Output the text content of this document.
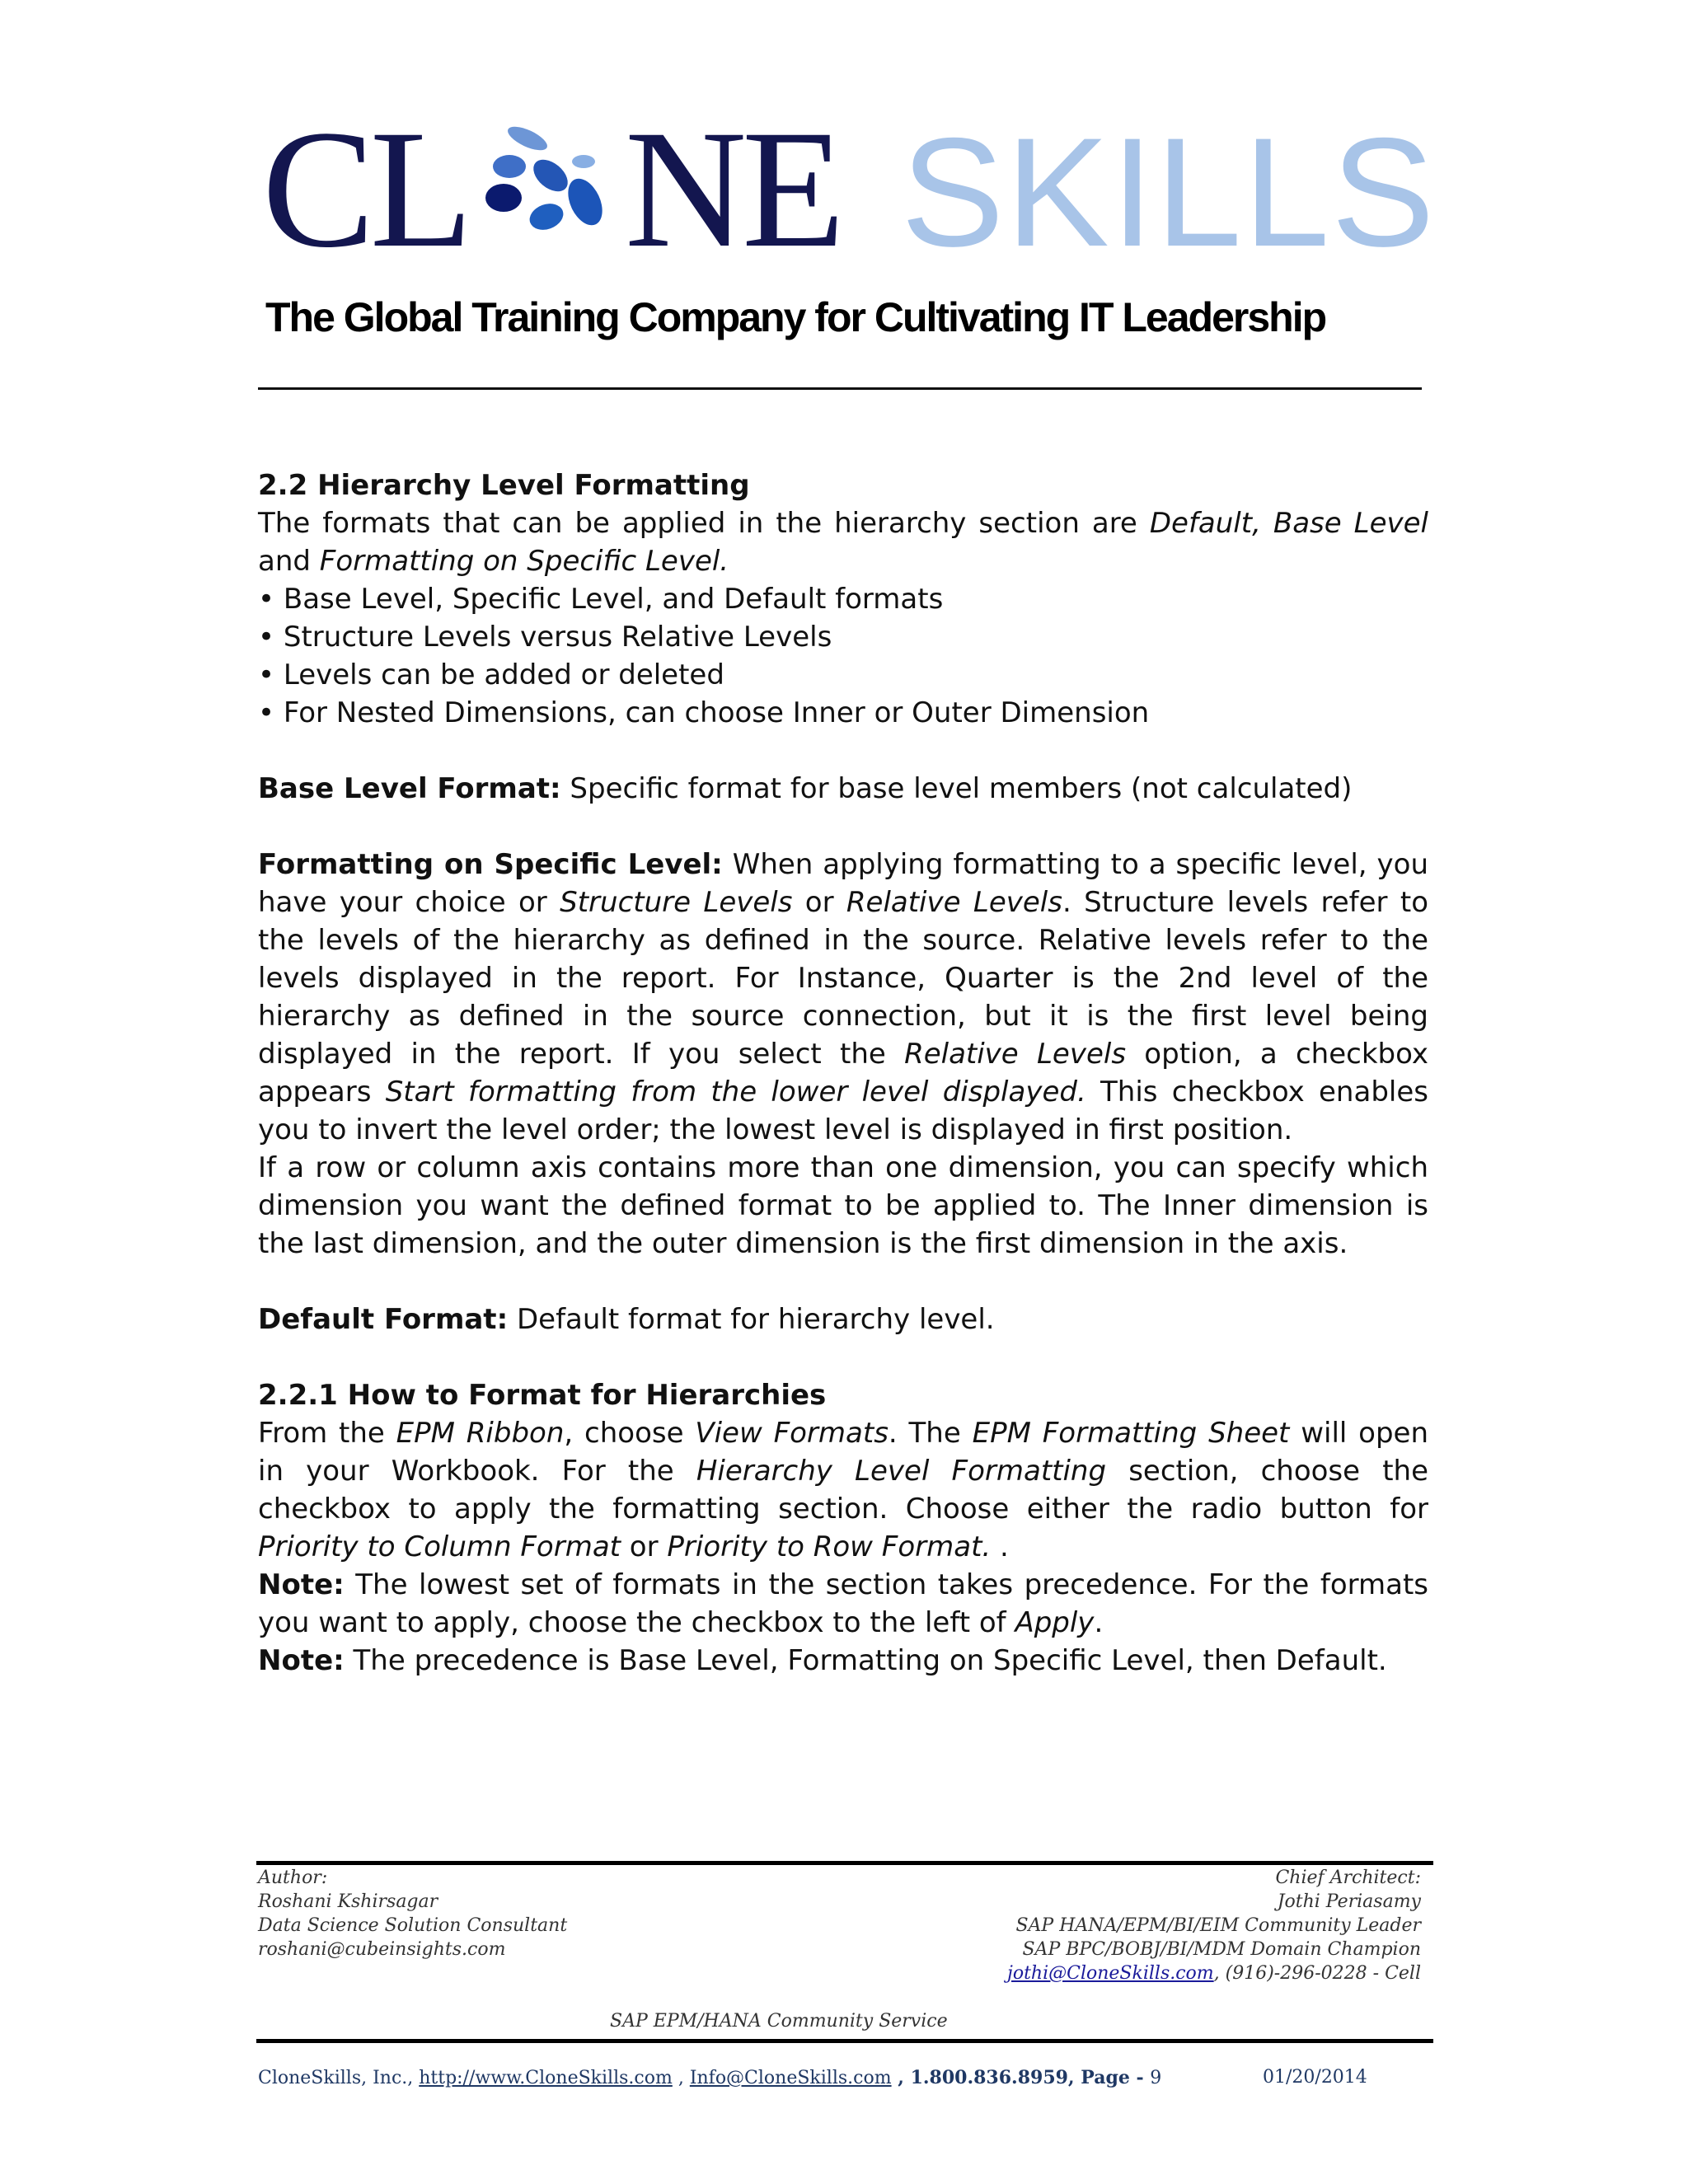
CL NE SKILLS
The Global Training Company for Cultivating IT Leadership
2.2 Hierarchy Level Formatting

The formats that can be applied in the hierarchy section are Default, Base Level and Formatting on Specific Level.

• Base Level, Specific Level, and Default formats
• Structure Levels versus Relative Levels
• Levels can be added or deleted
• For Nested Dimensions, can choose Inner or Outer Dimension

Base Level Format: Specific format for base level members (not calculated)

Formatting on Specific Level: When applying formatting to a specific level, you have your choice or Structure Levels or Relative Levels. Structure levels refer to the levels of the hierarchy as defined in the source. Relative levels refer to the levels displayed in the report. For Instance, Quarter is the 2nd level of the hierarchy as defined in the source connection, but it is the first level being displayed in the report. If you select the Relative Levels option, a checkbox appears Start formatting from the lower level displayed. This checkbox enables you to invert the level order; the lowest level is displayed in first position.

If a row or column axis contains more than one dimension, you can specify which dimension you want the defined format to be applied to. The Inner dimension is the last dimension, and the outer dimension is the first dimension in the axis.

Default Format: Default format for hierarchy level.

2.2.1 How to Format for Hierarchies

From the EPM Ribbon, choose View Formats. The EPM Formatting Sheet will open in your Workbook. For the Hierarchy Level Formatting section, choose the checkbox to apply the formatting section. Choose either the radio button for Priority to Column Format or Priority to Row Format. .

Note: The lowest set of formats in the section takes precedence. For the formats you want to apply, choose the checkbox to the left of Apply.

Note: The precedence is Base Level, Formatting on Specific Level, then Default.

Author:
Roshani Kshirsagar
Data Science Solution Consultant
roshani@cubeinsights.com
Chief Architect:
Jothi Periasamy
SAP HANA/EPM/BI/EIM Community Leader
SAP BPC/BOBJ/BI/MDM Domain Champion
jothi@CloneSkills.com, (916)-296-0228 - Cell
SAP EPM/HANA Community Service
CloneSkills, Inc., http://www.CloneSkills.com , Info@CloneSkills.com , 1.800.836.8959, Page - 9	01/20/2014
